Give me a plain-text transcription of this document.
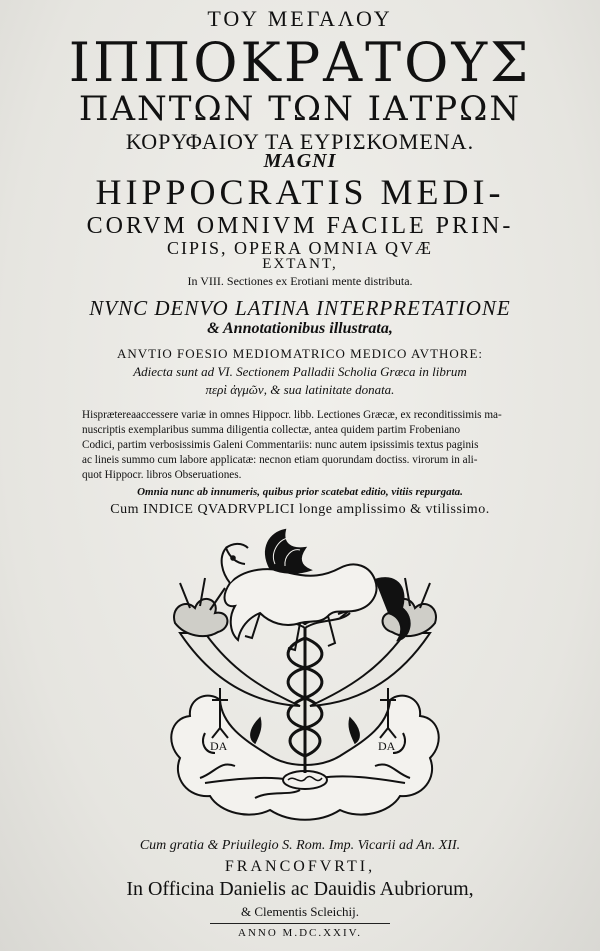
ΤΟΥ ΜΕΓΑΛΟΥ
ΙΠΠΟΚΡΑΤΟΥΣ
ΠΑΝΤΩΝ ΤΩΝ ΙΑΤΡΩΝ
ΚΟΡΥΦΑΙΟΥ ΤΑ ΕΥΡΙΣΚΟΜΕΝΑ.
MAGNI
HIPPOCRATIS MEDI-
CORVM OMNIVM FACILE PRIN-
CIPIS, OPERA OMNIA QVÆ
EXTANT,
In VIII. Sectiones ex Erotiani mente distributa.
NVNC DENVO LATINA INTERPRETATIONE
& Annotationibus illustrata,
ANVTIO FOESIO MEDIOMATRICO MEDICO AVTHORE:
Adiecta sunt ad VI. Sectionem Palladii Scholia Græca in librum
περὶ ἀγμῶν, & sua latinitate donata.
Hisprætereaaccessere variæ in omnes Hippocr. libb. Lectiones Græcæ, ex reconditissimis ma-
nuscriptis exemplaribus summa diligentia collectæ, antea quidem partim Frobeniano
Codici, partim verbosissimis Galeni Commentariis: nunc autem ipsissimis textus paginis
ac lineis summo cum labore applicatæ: necnon etiam quorundam doctiss. virorum in ali-
quot Hippocr. libros Obseruationes.
Omnia nunc ab innumeris, quibus prior scatebat editio, vitiis repurgata.
Cum INDICE QVADRVPLICI longe amplissimo & vtilissimo.
DA	DA
Cum gratia & Priuilegio S. Rom. Imp. Vicarii ad An. XII.
FRANCOFVRTI,
In Officina Danielis ac Dauidis Aubriorum,
& Clementis Scleichij.
ANNO M.DC.XXIV.
